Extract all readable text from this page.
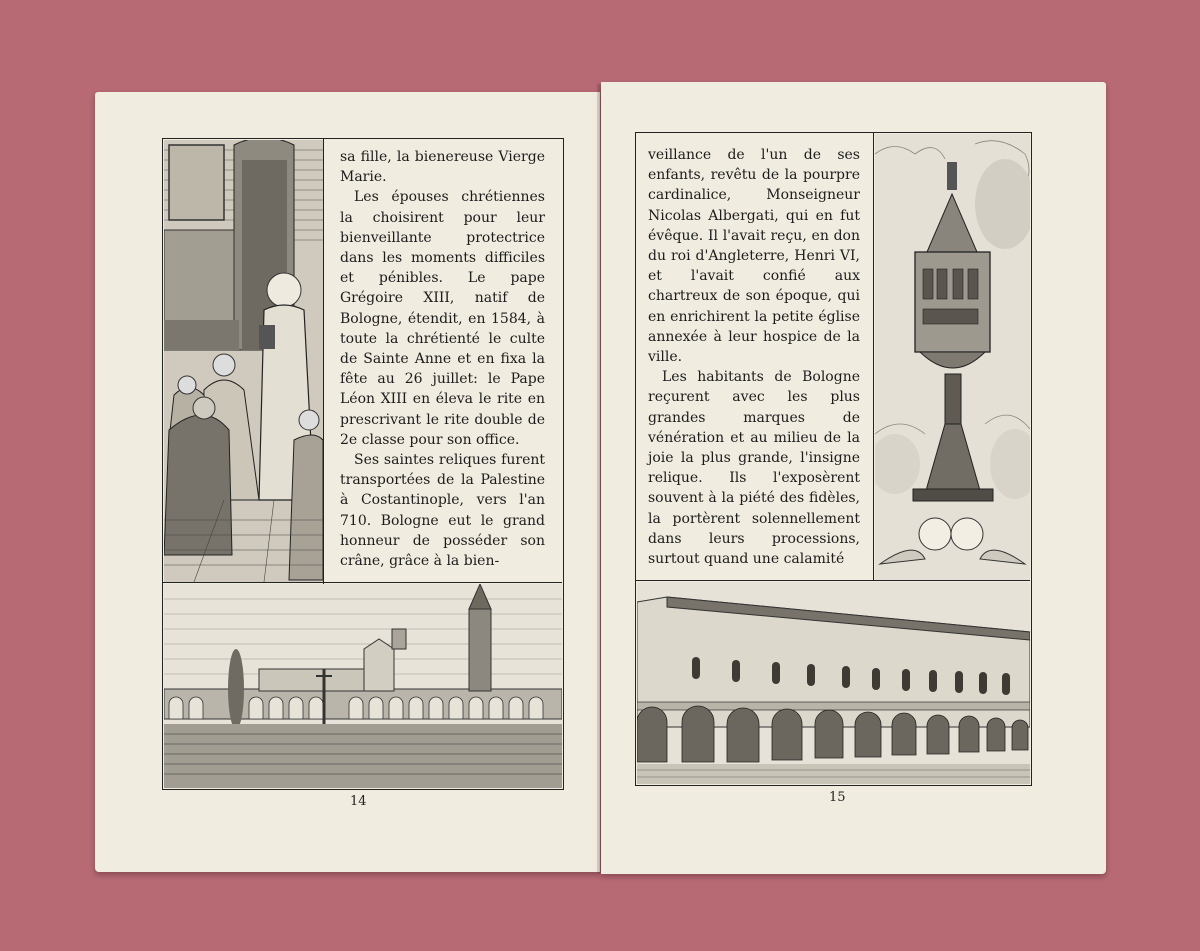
sa fille, la bienereuse Vierge Marie.

Les épouses chrétiennes la choisirent pour leur bienveillante protectrice dans les moments difficiles et pénibles. Le pape Grégoire XIII, natif de Bologne, étendit, en 1584, à toute la chrétienté le culte de Sainte Anne et en fixa la fête au 26 juillet: le Pape Léon XIII en éleva le rite en prescrivant le rite double de 2e classe pour son office.

Ses saintes reliques furent transportées de la Palestine à Costantinople, vers l'an 710. Bologne eut le grand honneur de posséder son crâne, grâce à la bien-

14

veillance de l'un de ses enfants, revêtu de la pourpre cardinalice, Monseigneur Nicolas Albergati, qui en fut évêque. Il l'avait reçu, en don du roi d'Angleterre, Henri VI, et l'avait confié aux chartreux de son époque, qui en enrichirent la petite église annexée à leur hospice de la ville.

Les habitants de Bologne reçurent avec les plus grandes marques de vénération et au milieu de la joie la plus grande, l'insigne relique. Ils l'exposèrent souvent à la piété des fidèles, la portèrent solennellement dans leurs processions, surtout quand une calamité

15
